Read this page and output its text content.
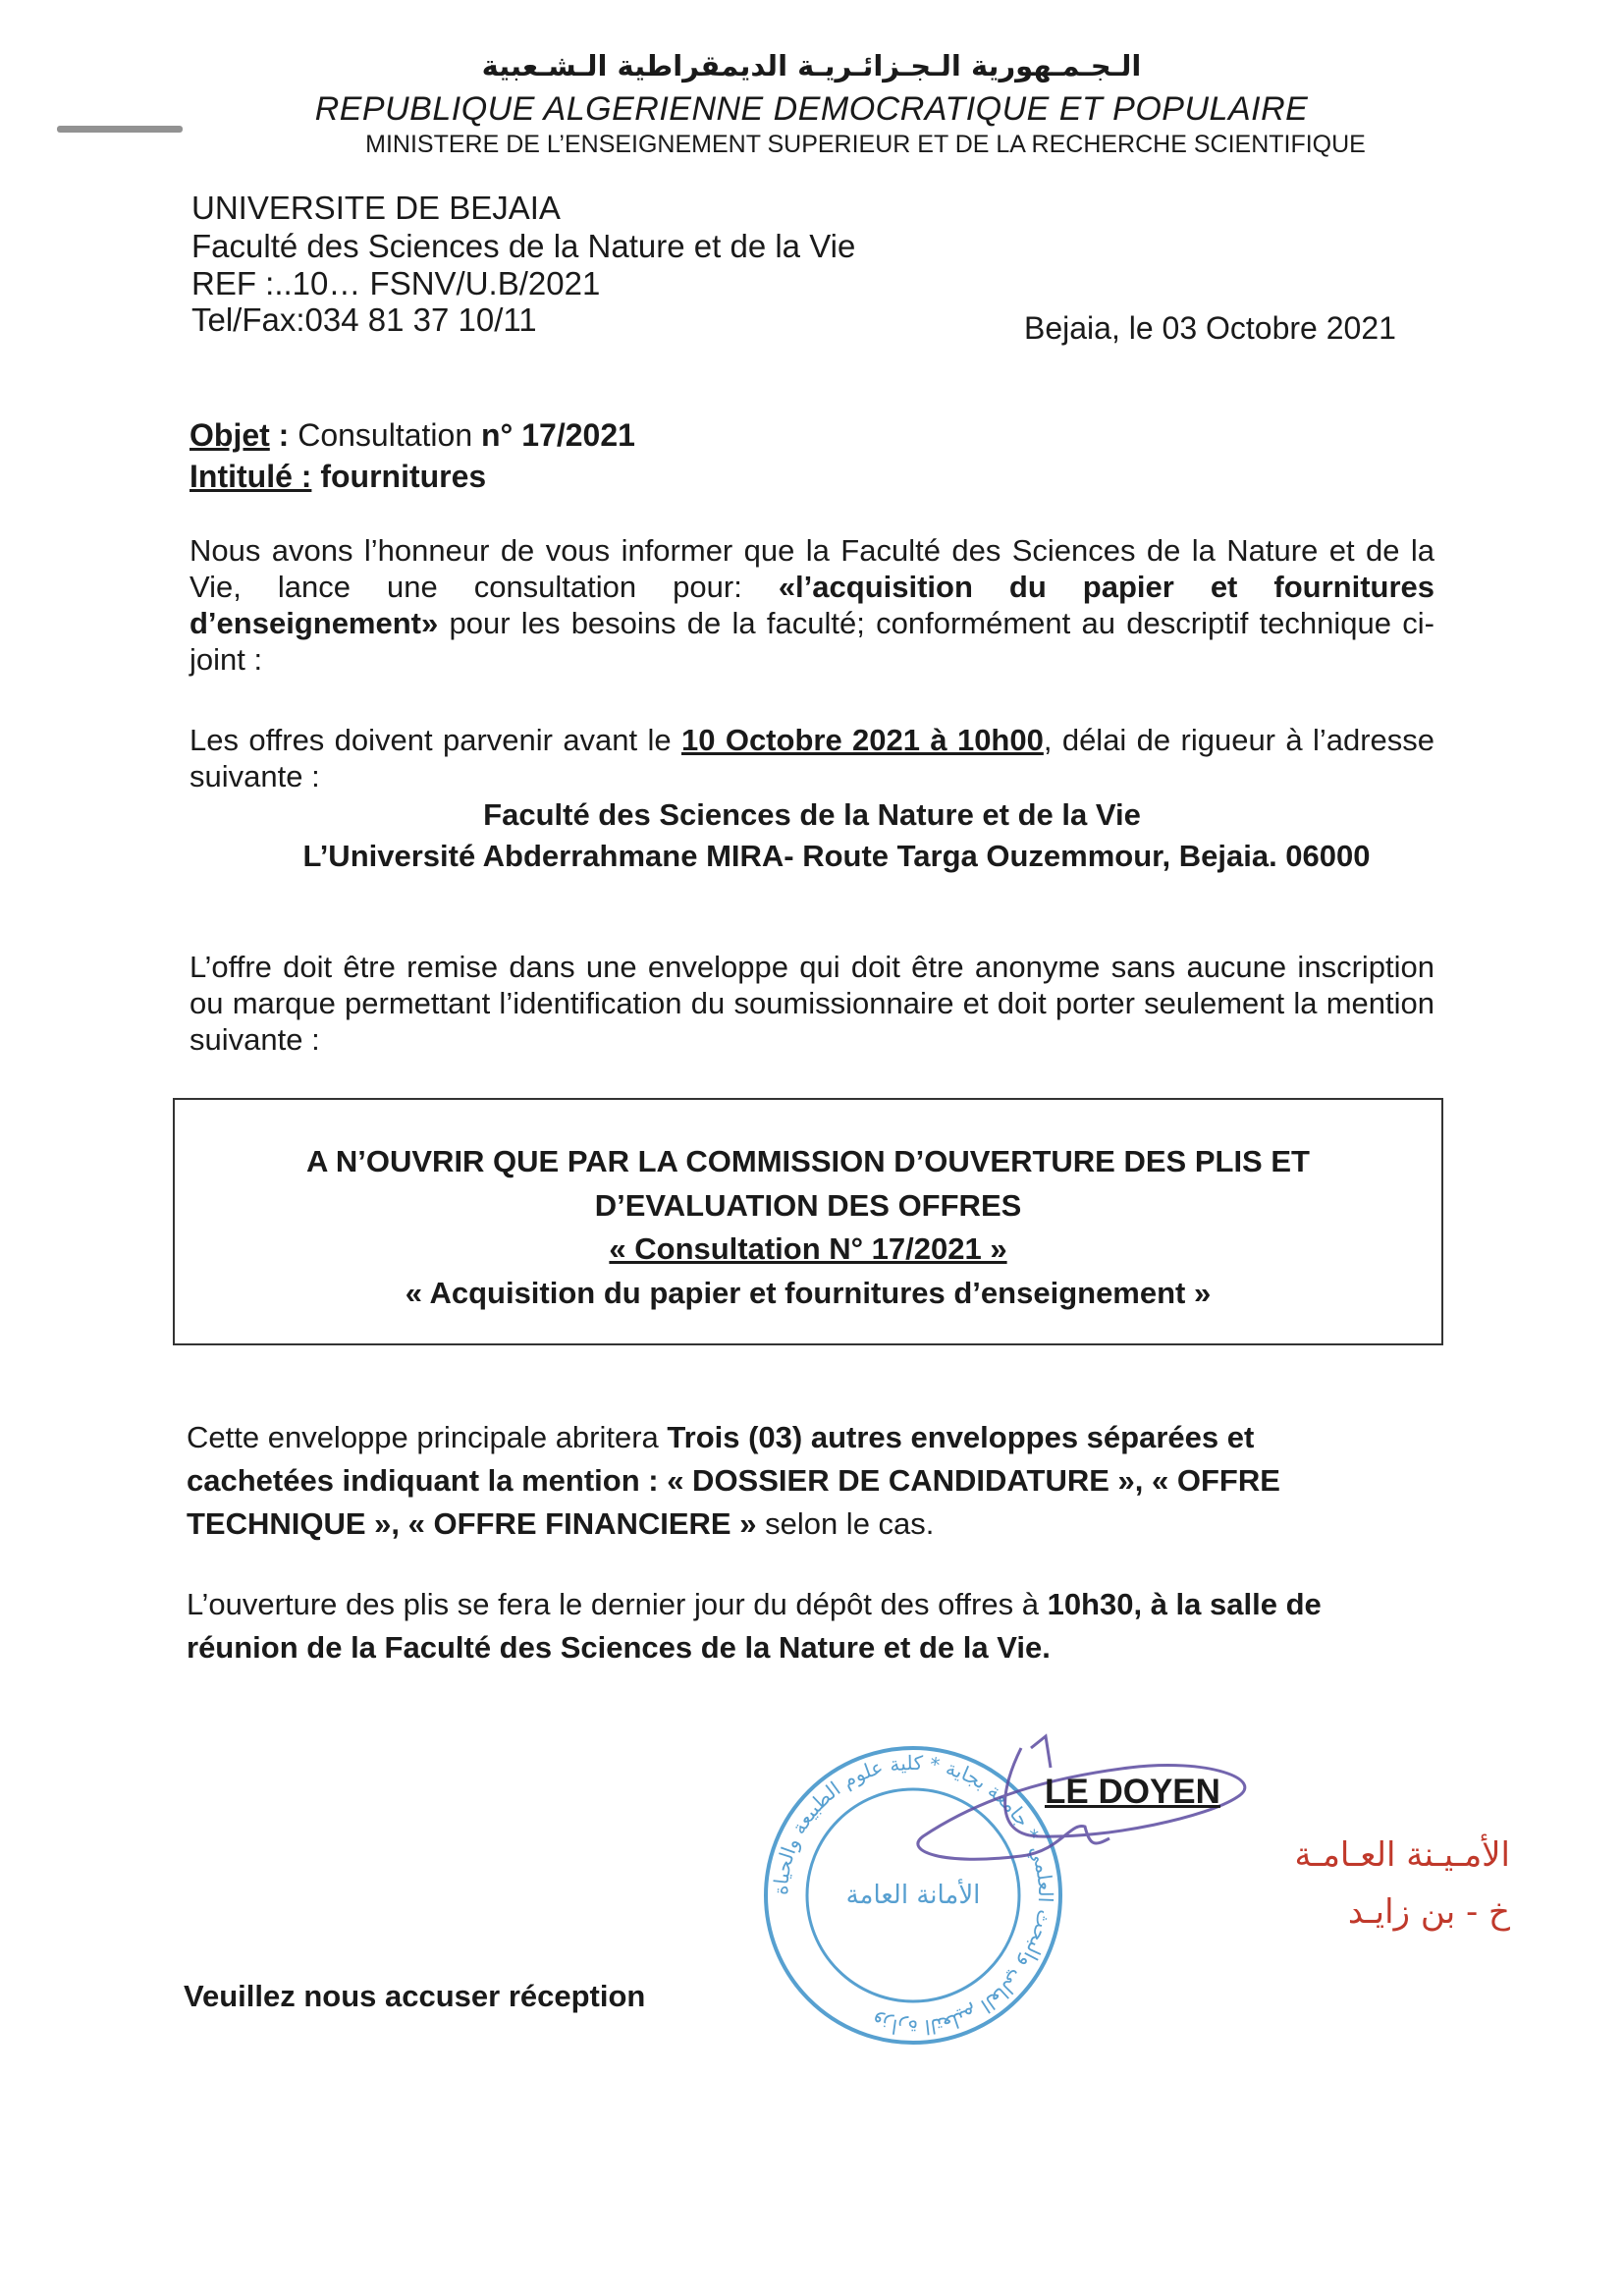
الـجـمـهورية الـجـزائـريـة الديمقراطية الـشـعبية
REPUBLIQUE ALGERIENNE DEMOCRATIQUE ET POPULAIRE
MINISTERE DE L’ENSEIGNEMENT SUPERIEUR ET DE LA RECHERCHE SCIENTIFIQUE
UNIVERSITE DE BEJAIA
Faculté des Sciences de la Nature et de la Vie
REF :..10… FSNV/U.B/2021
Tel/Fax:034 81 37 10/11	Bejaia, le 03 Octobre 2021
Objet : Consultation n° 17/2021
Intitulé : fournitures
Nous avons l’honneur de vous informer que la Faculté des Sciences de la Nature et de la Vie, lance une consultation pour: «l’acquisition du papier et fournitures d’enseignement» pour les besoins de la faculté; conformément au descriptif technique ci-joint :
Les offres doivent parvenir avant le 10 Octobre 2021 à 10h00, délai de rigueur à l’adresse suivante :
Faculté des Sciences de la Nature et de la Vie
L’Université Abderrahmane MIRA- Route Targa Ouzemmour, Bejaia. 06000
L’offre doit être remise dans une enveloppe qui doit être anonyme sans aucune inscription ou marque permettant l’identification du soumissionnaire et doit porter seulement la mention suivante :
A N’OUVRIR QUE PAR LA COMMISSION D’OUVERTURE DES PLIS ET
D’EVALUATION DES OFFRES
« Consultation N° 17/2021 »
« Acquisition du papier et fournitures d’enseignement »
Cette enveloppe principale abritera Trois (03) autres enveloppes séparées et cachetées indiquant la mention : « DOSSIER DE CANDIDATURE », « OFFRE TECHNIQUE », « OFFRE FINANCIERE » selon le cas.
L’ouverture des plis se fera le dernier jour du dépôt des offres à 10h30, à la salle de réunion de la Faculté des Sciences de la Nature et de la Vie.
وزارة التعليم العالي والبحث العلمي * جامعة بجاية * كلية علوم الطبيعة والحياة
الأمانة العامة
LE DOYEN
الأمـيـنة العـامـة
خ - بن زايـد
Veuillez nous accuser réception
